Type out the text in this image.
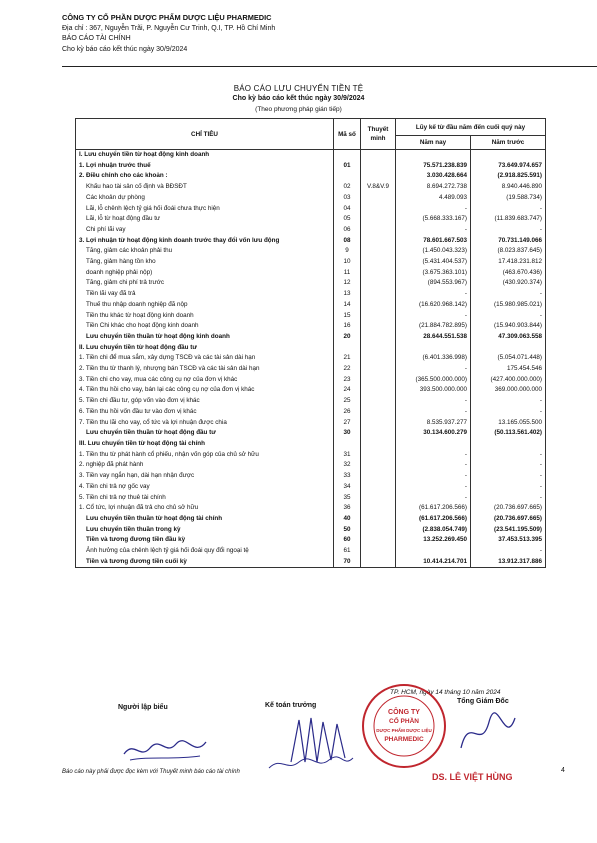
CÔNG TY CỔ PHẦN DƯỢC PHẨM DƯỢC LIỆU PHARMEDIC
Địa chỉ : 367, Nguyễn Trãi, P. Nguyễn Cư Trinh, Q.I, TP. Hồ Chí Minh
BÁO CÁO TÀI CHÍNH
Cho kỳ báo cáo kết thúc ngày 30/9/2024
BÁO CÁO LƯU CHUYỂN TIỀN TỆ
Cho kỳ báo cáo kết thúc ngày 30/9/2024
(Theo phương pháp gián tiếp)
CHỈ TIÊU	Mã số	Thuyết minh	Lũy kế từ đầu năm đến cuối quý này	
			Năm nay	Năm trước
I. Lưu chuyển tiền từ hoạt động kinh doanh				
1. Lợi nhuận trước thuế	01		75.571.238.839	73.649.974.657
2. Điều chỉnh cho các khoản :			3.030.428.664	(2.918.825.591)
Khấu hao tài sản cố định và BĐSĐT	02	V.8&V.9	8.694.272.738	8.940.446.890
Các khoản dự phòng	03		4.489.093	(19.588.734)
Lãi, lỗ chênh lệch tỷ giá hối đoái chưa thực hiện	04		-	-
Lãi, lỗ từ hoạt động đầu tư	05		(5.668.333.167)	(11.839.683.747)
Chi phí lãi vay	06		-	-
3. Lợi nhuận từ hoạt động kinh doanh trước thay đổi vốn lưu động	08		78.601.667.503	70.731.149.066
Tăng, giảm các khoản phải thu	9		(1.450.043.323)	(8.023.837.645)
Tăng, giảm hàng tồn kho	10		(5.431.404.537)	17.418.231.812
doanh nghiệp phải nộp)	11		(3.675.363.101)	(463.670.436)
Tăng, giảm chi phí trả trước	12		(894.553.967)	(430.920.374)
Tiền lãi vay đã trả	13		-	-
Thuế thu nhập doanh nghiệp đã nộp	14		(16.620.968.142)	(15.980.985.021)
Tiền thu khác từ hoạt động kinh doanh	15		-	-
Tiền Chi khác cho hoạt động kinh doanh	16		(21.884.782.895)	(15.940.903.844)
Lưu chuyển tiền thuần từ hoạt động kinh doanh	20		28.644.551.538	47.309.063.558
II. Lưu chuyển tiền từ hoạt động đầu tư				
1. Tiền chi để mua sắm, xây dựng TSCĐ và các tài sản dài hạn	21		(6.401.336.998)	(5.054.071.448)
2. Tiền thu từ thanh lý, nhượng bán TSCĐ và các tài sản dài hạn	22		-	175.454.546
3. Tiền chi cho vay, mua các công cụ nợ của đơn vị khác	23		(365.500.000.000)	(427.400.000.000)
4. Tiền thu hồi cho vay, bán lại các công cụ nợ của đơn vị khác	24		393.500.000.000	369.000.000.000
5. Tiền chi đầu tư, góp vốn vào đơn vị khác	25		-	-
6. Tiền thu hồi vốn đầu tư vào đơn vị khác	26		-	-
7. Tiền thu lãi cho vay, cổ tức và lợi nhuận được chia	27		8.535.937.277	13.165.055.500
Lưu chuyển tiền thuần từ hoạt động đầu tư	30		30.134.600.279	(50.113.561.402)
III. Lưu chuyển tiền từ hoạt động tài chính				
1. Tiền thu từ phát hành cổ phiếu, nhận vốn góp của chủ sở hữu	31		-	-
2. nghiệp đã phát hành	32		-	-
3. Tiền vay ngắn hạn, dài hạn nhận được	33		-	-
4. Tiền chi trả nợ gốc vay	34		-	-
5. Tiền chi trả nợ thuê tài chính	35		-	-
1. Cổ tức, lợi nhuận đã trả cho chủ sở hữu	36		(61.617.206.566)	(20.736.697.665)
Lưu chuyển tiền thuần từ hoạt động tài chính	40		(61.617.206.566)	(20.736.697.665)
Lưu chuyển tiền thuần trong kỳ	50		(2.838.054.749)	(23.541.195.509)
Tiền và tương đương tiền đầu kỳ	60		13.252.269.450	37.453.513.395
Ảnh hưởng của chênh lệch tỷ giá hối đoái quy đổi ngoại tệ	61			-
Tiền và tương đương tiền cuối kỳ	70		10.414.214.701	13.912.317.886
Người lập biểu	Kế toán trưởng
TP. HCM, ngày 14 tháng 10 năm 2024
Tổng Giám Đốc
CÔNG TY
CỔ PHẦN
DƯỢC PHẨM DƯỢC LIỆU
PHARMEDIC
DS. LÊ VIỆT HÙNG
Báo cáo này phải được đọc kèm với Thuyết minh báo cáo tài chính	4
